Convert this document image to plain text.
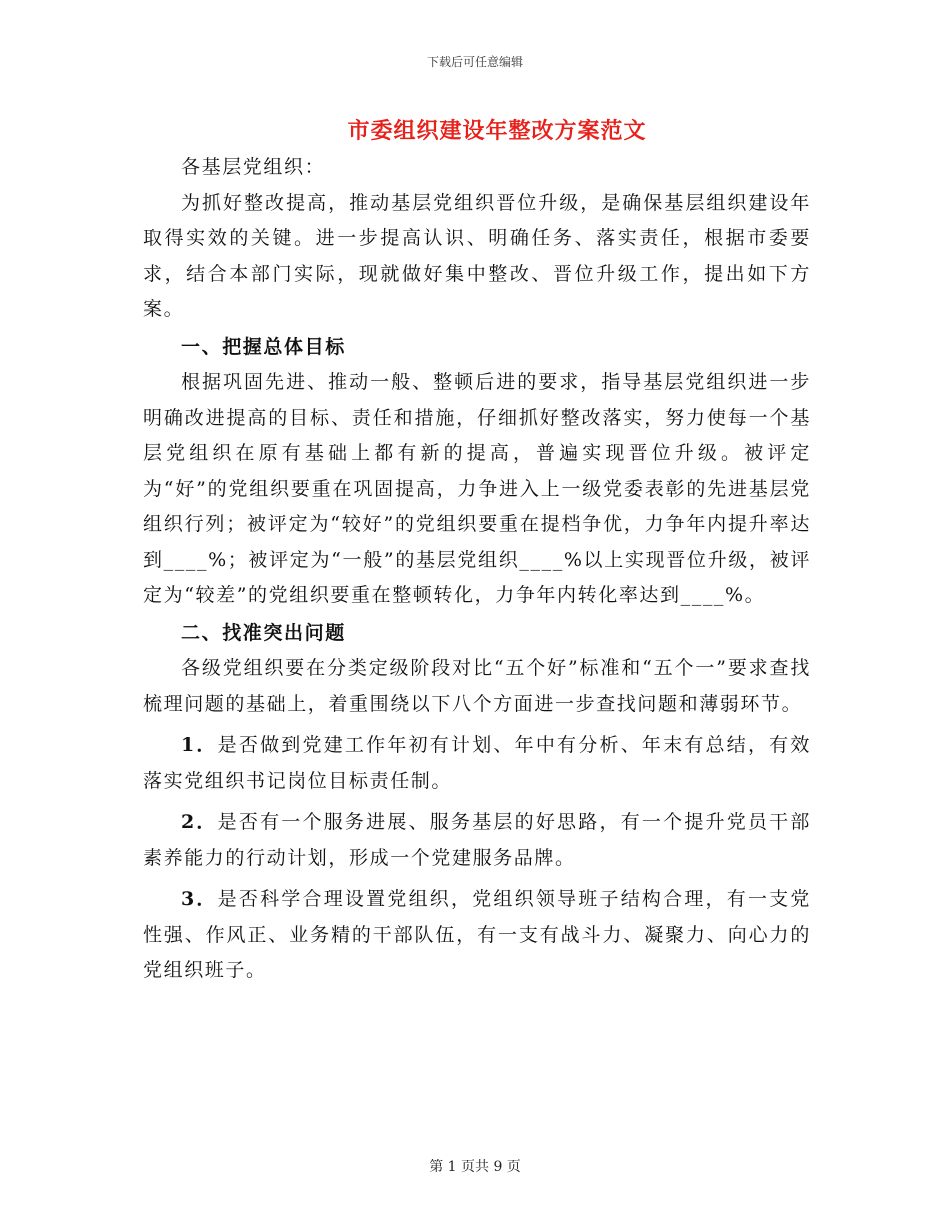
下载后可任意编辑
市委组织建设年整改方案范文

各基层党组织：

为抓好整改提高，推动基层党组织晋位升级，是确保基层组织建设年取得实效的关键。进一步提高认识、明确任务、落实责任，根据市委要求，结合本部门实际，现就做好集中整改、晋位升级工作，提出如下方案。

一、把握总体目标

根据巩固先进、推动一般、整顿后进的要求，指导基层党组织进一步明确改进提高的目标、责任和措施，仔细抓好整改落实，努力使每一个基层党组织在原有基础上都有新的提高，普遍实现晋位升级。被评定为“好”的党组织要重在巩固提高，力争进入上一级党委表彰的先进基层党组织行列；被评定为“较好”的党组织要重在提档争优，力争年内提升率达到____%；被评定为“一般”的基层党组织____%以上实现晋位升级，被评定为“较差”的党组织要重在整顿转化，力争年内转化率达到____%。

二、找准突出问题

各级党组织要在分类定级阶段对比“五个好”标准和“五个一”要求查找梳理问题的基础上，着重围绕以下八个方面进一步查找问题和薄弱环节。

1．是否做到党建工作年初有计划、年中有分析、年末有总结，有效落实党组织书记岗位目标责任制。

2．是否有一个服务进展、服务基层的好思路，有一个提升党员干部素养能力的行动计划，形成一个党建服务品牌。

3．是否科学合理设置党组织，党组织领导班子结构合理，有一支党性强、作风正、业务精的干部队伍，有一支有战斗力、凝聚力、向心力的党组织班子。

第 1 页共 9 页
